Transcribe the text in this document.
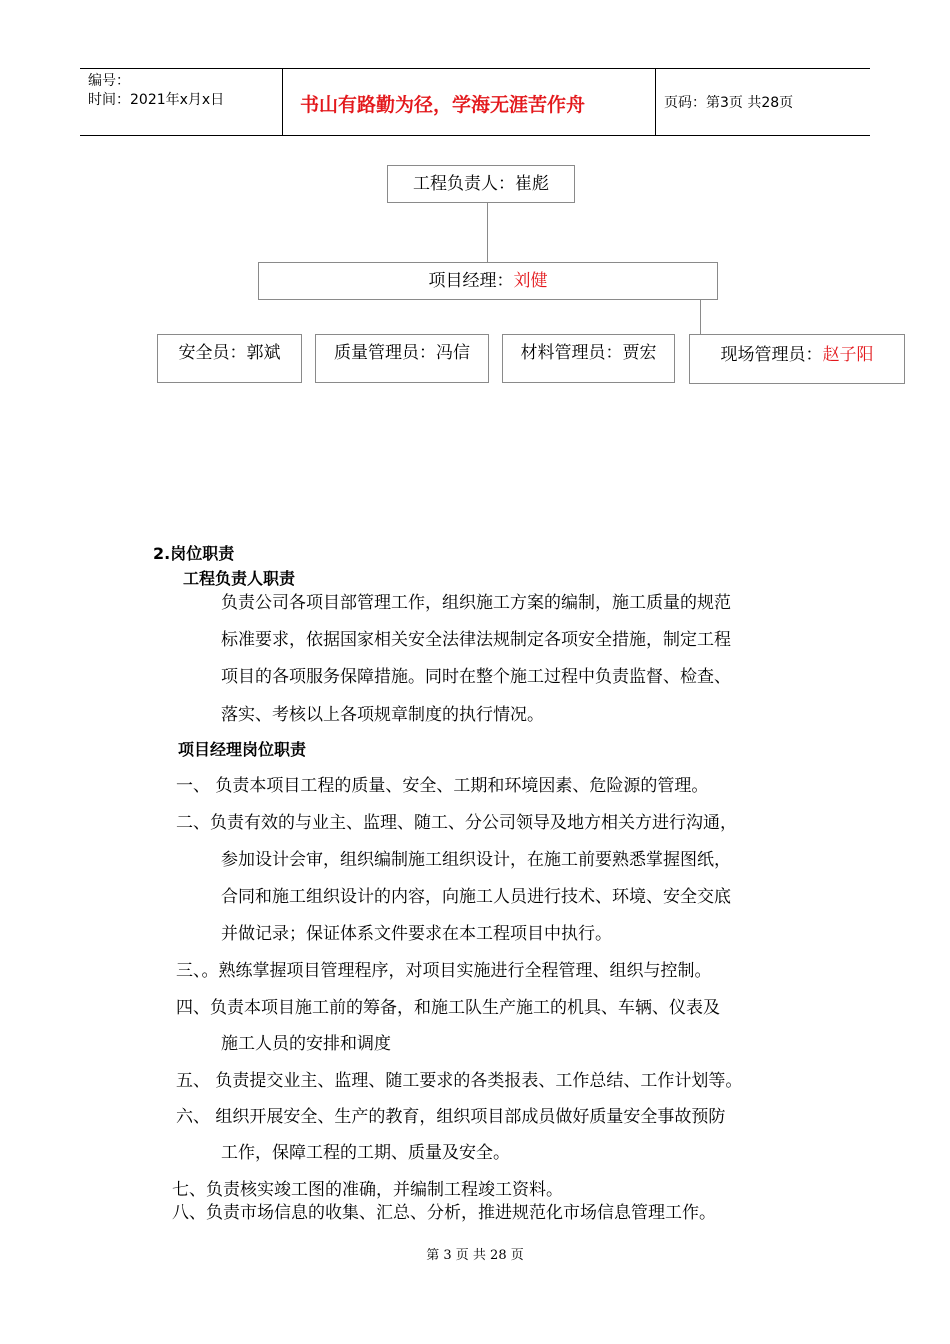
编号：
时间：2021年x月x日	书山有路勤为径，学海无涯苦作舟	页码：第3页 共28页
工程负责人：崔彪
项目经理：刘健
安全员：郭斌	质量管理员：冯信	材料管理员：贾宏	现场管理员：赵子阳
2.岗位职责
工程负责人职责
负责公司各项目部管理工作，组织施工方案的编制，施工质量的规范
标准要求，依据国家相关安全法律法规制定各项安全措施，制定工程
项目的各项服务保障措施。同时在整个施工过程中负责监督、检查、
落实、考核以上各项规章制度的执行情况。
项目经理岗位职责
一、 负责本项目工程的质量、安全、工期和环境因素、危险源的管理。
二、负责有效的与业主、监理、随工、分公司领导及地方相关方进行沟通，
参加设计会审，组织编制施工组织设计，在施工前要熟悉掌握图纸，
合同和施工组织设计的内容，向施工人员进行技术、环境、安全交底
并做记录；保证体系文件要求在本工程项目中执行。
三、。熟练掌握项目管理程序，对项目实施进行全程管理、组织与控制。
四、负责本项目施工前的筹备，和施工队生产施工的机具、车辆、仪表及
施工人员的安排和调度
五、 负责提交业主、监理、随工要求的各类报表、工作总结、工作计划等。
六、 组织开展安全、生产的教育，组织项目部成员做好质量安全事故预防
工作，保障工程的工期、质量及安全。
七、负责核实竣工图的准确，并编制工程竣工资料。
八、负责市场信息的收集、汇总、分析，推进规范化市场信息管理工作。
第 3 页 共 28 页
